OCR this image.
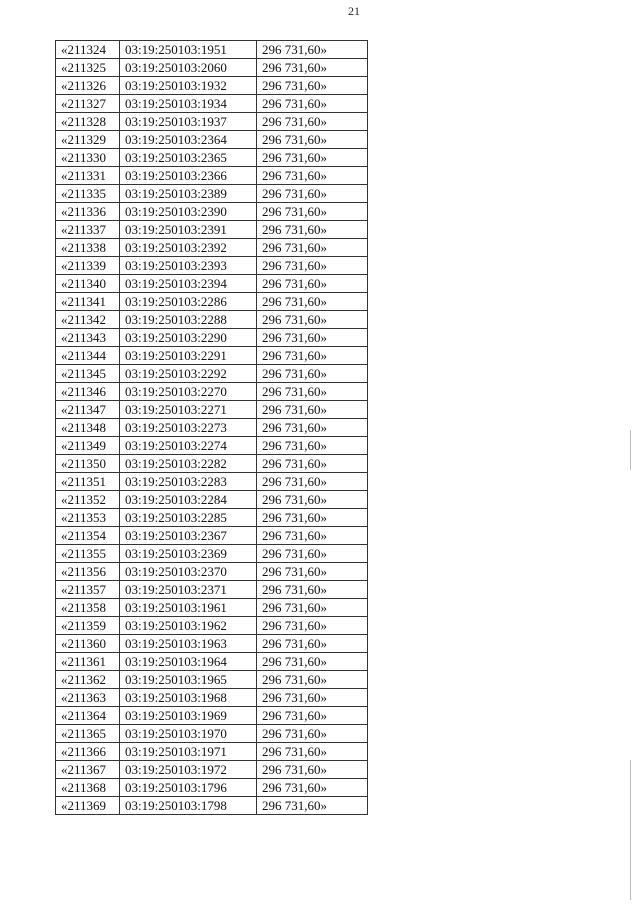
21
«211324	03:19:250103:1951	296 731,60»
«211325	03:19:250103:2060	296 731,60»
«211326	03:19:250103:1932	296 731,60»
«211327	03:19:250103:1934	296 731,60»
«211328	03:19:250103:1937	296 731,60»
«211329	03:19:250103:2364	296 731,60»
«211330	03:19:250103:2365	296 731,60»
«211331	03:19:250103:2366	296 731,60»
«211335	03:19:250103:2389	296 731,60»
«211336	03:19:250103:2390	296 731,60»
«211337	03:19:250103:2391	296 731,60»
«211338	03:19:250103:2392	296 731,60»
«211339	03:19:250103:2393	296 731,60»
«211340	03:19:250103:2394	296 731,60»
«211341	03:19:250103:2286	296 731,60»
«211342	03:19:250103:2288	296 731,60»
«211343	03:19:250103:2290	296 731,60»
«211344	03:19:250103:2291	296 731,60»
«211345	03:19:250103:2292	296 731,60»
«211346	03:19:250103:2270	296 731,60»
«211347	03:19:250103:2271	296 731,60»
«211348	03:19:250103:2273	296 731,60»
«211349	03:19:250103:2274	296 731,60»
«211350	03:19:250103:2282	296 731,60»
«211351	03:19:250103:2283	296 731,60»
«211352	03:19:250103:2284	296 731,60»
«211353	03:19:250103:2285	296 731,60»
«211354	03:19:250103:2367	296 731,60»
«211355	03:19:250103:2369	296 731,60»
«211356	03:19:250103:2370	296 731,60»
«211357	03:19:250103:2371	296 731,60»
«211358	03:19:250103:1961	296 731,60»
«211359	03:19:250103:1962	296 731,60»
«211360	03:19:250103:1963	296 731,60»
«211361	03:19:250103:1964	296 731,60»
«211362	03:19:250103:1965	296 731,60»
«211363	03:19:250103:1968	296 731,60»
«211364	03:19:250103:1969	296 731,60»
«211365	03:19:250103:1970	296 731,60»
«211366	03:19:250103:1971	296 731,60»
«211367	03:19:250103:1972	296 731,60»
«211368	03:19:250103:1796	296 731,60»
«211369	03:19:250103:1798	296 731,60»
